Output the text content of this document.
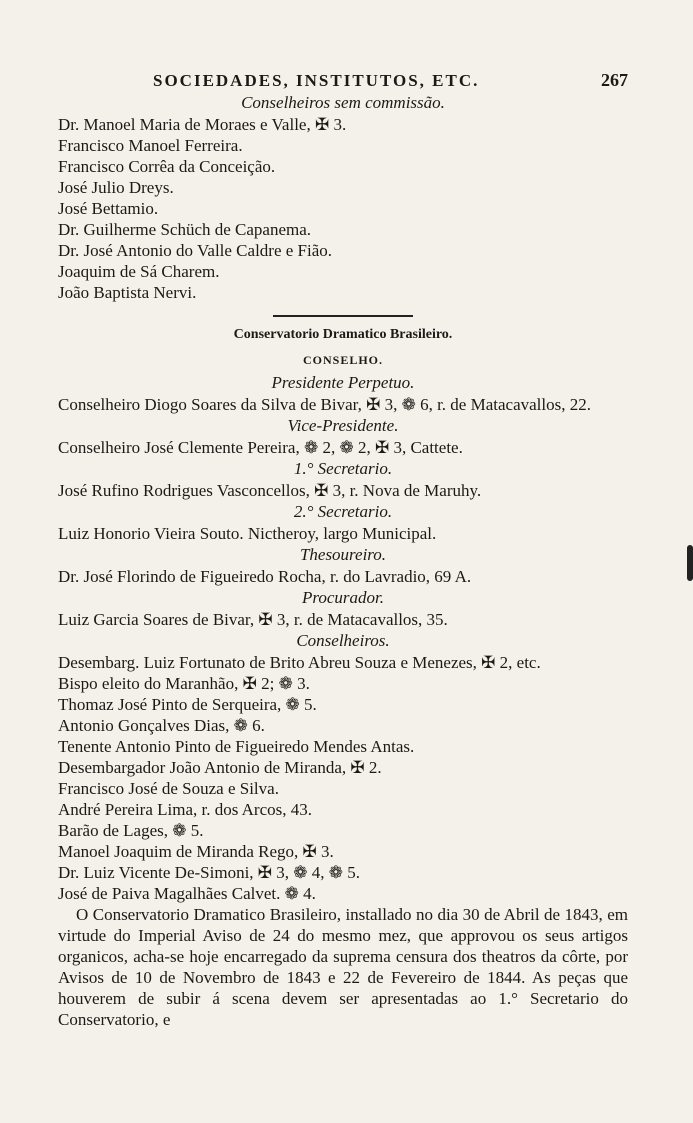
SOCIEDADES, INSTITUTOS, ETC.	267
Conselheiros sem commissão.
Dr. Manoel Maria de Moraes e Valle, ✠ 3.
Francisco Manoel Ferreira.
Francisco Corrêa da Conceição.
José Julio Dreys.
José Bettamio.
Dr. Guilherme Schüch de Capanema.
Dr. José Antonio do Valle Caldre e Fião.
Joaquim de Sá Charem.
João Baptista Nervi.
Conservatorio Dramatico Brasileiro.
CONSELHO.
Presidente Perpetuo.
Conselheiro Diogo Soares da Silva de Bivar, ✠ 3, ❁ 6, r. de Matacavallos, 22.
Vice-Presidente.
Conselheiro José Clemente Pereira, ❁ 2, ❁ 2, ✠ 3, Cattete.
1.° Secretario.
José Rufino Rodrigues Vasconcellos, ✠ 3, r. Nova de Maruhy.
2.° Secretario.
Luiz Honorio Vieira Souto. Nictheroy, largo Municipal.
Thesoureiro.
Dr. José Florindo de Figueiredo Rocha, r. do Lavradio, 69 A.
Procurador.
Luiz Garcia Soares de Bivar, ✠ 3, r. de Matacavallos, 35.
Conselheiros.
Desembarg. Luiz Fortunato de Brito Abreu Souza e Menezes, ✠ 2, etc.
Bispo eleito do Maranhão, ✠ 2; ❁ 3.
Thomaz José Pinto de Serqueira, ❁ 5.
Antonio Gonçalves Dias, ❁ 6.
Tenente Antonio Pinto de Figueiredo Mendes Antas.
Desembargador João Antonio de Miranda, ✠ 2.
Francisco José de Souza e Silva.
André Pereira Lima, r. dos Arcos, 43.
Barão de Lages, ❁ 5.
Manoel Joaquim de Miranda Rego, ✠ 3.
Dr. Luiz Vicente De-Simoni, ✠ 3, ❁ 4, ❁ 5.
José de Paiva Magalhães Calvet. ❁ 4.
O Conservatorio Dramatico Brasileiro, installado no dia 30 de Abril de 1843, em virtude do Imperial Aviso de 24 do mesmo mez, que approvou os seus artigos organicos, acha-se hoje encarregado da suprema censura dos theatros da côrte, por Avisos de 10 de Novembro de 1843 e 22 de Fevereiro de 1844. As peças que houverem de subir á scena devem ser apresentadas ao 1.° Secretario do Conservatorio, e
